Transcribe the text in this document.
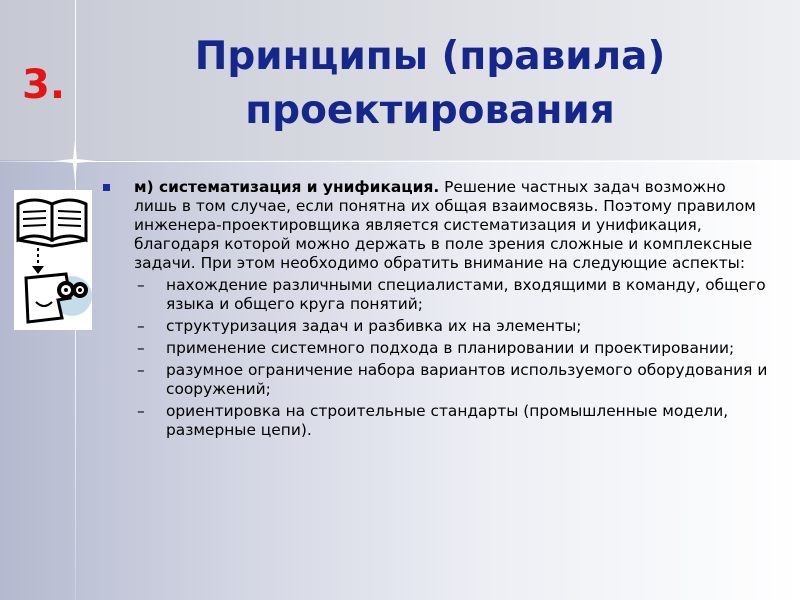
3.
Принципы (правила)
проектирования

м) систематизация и унификация. Решение частных задач возможно лишь в том случае, если понятна их общая взаимосвязь. Поэтому правилом инженера-проектировщика является систематизация и унификация, благодаря которой можно держать в поле зрения сложные и комплексные задачи. При этом необходимо обратить внимание на следующие аспекты:

– нахождение различными специалистами, входящими в команду, общего языка и общего круга понятий;
– структуризация задач и разбивка их на элементы;
– применение системного подхода в планировании и проектировании;
– разумное ограничение набора вариантов используемого оборудования и сооружений;
– ориентировка на строительные стандарты (промышленные модели, размерные цепи).
